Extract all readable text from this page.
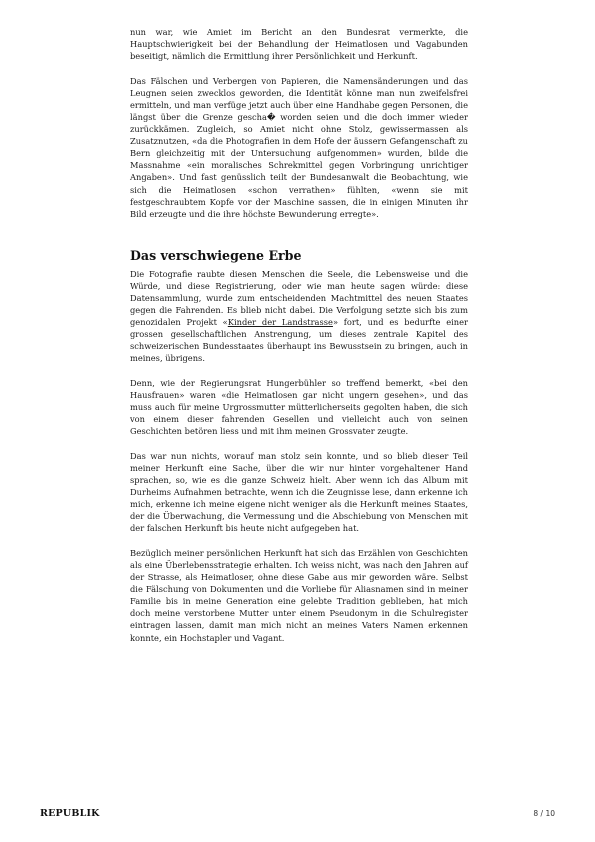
nun war, wie Amiet im Bericht an den Bundesrat vermerkte, die Hauptschwierigkeit bei der Behandlung der Heimatlosen und Vagabunden beseitigt, nämlich die Ermittlung ihrer Persönlichkeit und Herkunft.

Das Fälschen und Verbergen von Papieren, die Namensänderungen und das Leugnen seien zwecklos geworden, die Identität könne man nun zweifelsfrei ermitteln, und man verfüge jetzt auch über eine Handhabe gegen Personen, die längst über die Grenze gescha� worden seien und die doch immer wieder zurückkämen. Zugleich, so Amiet nicht ohne Stolz, gewissermassen als Zusatznutzen, «da die Photografien in dem Hofe der äussern Gefangenschaft zu Bern gleichzeitig mit der Untersuchung aufgenommen» wurden, bilde die Massnahme «ein moralisches Schrekmittel gegen Vorbringung unrichtiger Angaben». Und fast genüsslich teilt der Bundesanwalt die Beobachtung, wie sich die Heimatlosen «schon verrathen» fühlten, «wenn sie mit festgeschraubtem Kopfe vor der Maschine sassen, die in einigen Minuten ihr Bild erzeugte und die ihre höchste Bewunderung erregte».

Das verschwiegene Erbe

Die Fotografie raubte diesen Menschen die Seele, die Lebensweise und die Würde, und diese Registrierung, oder wie man heute sagen würde: diese Datensammlung, wurde zum entscheidenden Machtmittel des neuen Staates gegen die Fahrenden. Es blieb nicht dabei. Die Verfolgung setzte sich bis zum genozidalen Projekt «Kinder der Landstrasse» fort, und es bedurfte einer grossen gesellschaftlichen Anstrengung, um dieses zentrale Kapitel des schweizerischen Bundesstaates überhaupt ins Bewusstsein zu bringen, auch in meines, übrigens.

Denn, wie der Regierungsrat Hungerbühler so treffend bemerkt, «bei den Hausfrauen» waren «die Heimatlosen gar nicht ungern gesehen», und das muss auch für meine Urgrossmutter mütterlicherseits gegolten haben, die sich von einem dieser fahrenden Gesellen und vielleicht auch von seinen Geschichten betören liess und mit ihm meinen Grossvater zeugte.

Das war nun nichts, worauf man stolz sein konnte, und so blieb dieser Teil meiner Herkunft eine Sache, über die wir nur hinter vorgehaltener Hand sprachen, so, wie es die ganze Schweiz hielt. Aber wenn ich das Album mit Durheims Aufnahmen betrachte, wenn ich die Zeugnisse lese, dann erkenne ich mich, erkenne ich meine eigene nicht weniger als die Herkunft meines Staates, der die Überwachung, die Vermessung und die Abschiebung von Menschen mit der falschen Herkunft bis heute nicht aufgegeben hat.

Bezüglich meiner persönlichen Herkunft hat sich das Erzählen von Geschichten als eine Überlebensstrategie erhalten. Ich weiss nicht, was nach den Jahren auf der Strasse, als Heimatloser, ohne diese Gabe aus mir geworden wäre. Selbst die Fälschung von Dokumenten und die Vorliebe für Aliasnamen sind in meiner Familie bis in meine Generation eine gelebte Tradition geblieben, hat mich doch meine verstorbene Mutter unter einem Pseudonym in die Schulregister eintragen lassen, damit man mich nicht an meines Vaters Namen erkennen konnte, ein Hochstapler und Vagant.

REPUBLIK	8 / 10
